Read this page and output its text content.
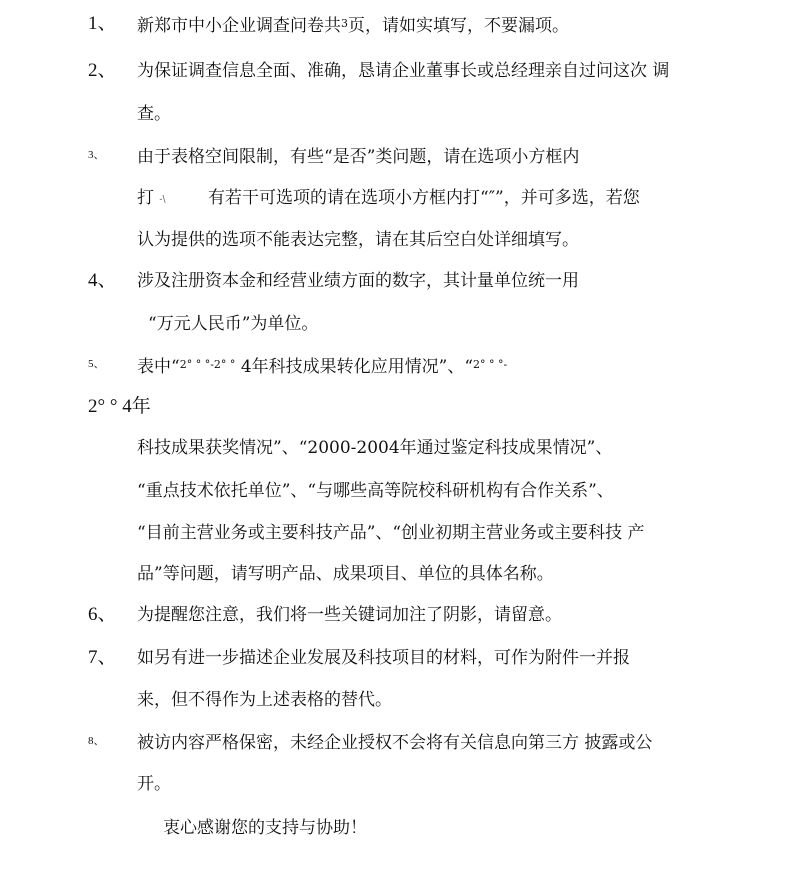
1、 新郑市中小企业调查问卷共$^3$页，请如实填写，不要漏项。
2、 为保证调查信息全面、准确，恳请企业董事长或总经理亲自过问这次 调
查。
3、 由于表格空间限制，有些“是否”类问题，请在选项小方框内
打 -\	有若干可选项的请在选项小方框内打“″”，并可多选，若您
认为提供的选项不能表达完整，请在其后空白处详细填写。
4、 涉及注册资本金和经营业绩方面的数字，其计量单位统一用
“万元人民币”为单位。
5、 表中“$^{2^\circ ^\circ ^\circ-2^\circ ^\circ}$ 4年科技成果转化应用情况”、“$^{2^\circ ^\circ ^\circ-}$
2° ° 4年
科技成果获奖情况”、“2000-2004年通过鉴定科技成果情况”、
“重点技术依托单位”、“与哪些高等院校科研机构有合作关系”、
“目前主营业务或主要科技产品”、“创业初期主营业务或主要科技 产
品”等问题，请写明产品、成果项目、单位的具体名称。
6、 为提醒您注意，我们将一些关键词加注了阴影，请留意。
7、 如另有进一步描述企业发展及科技项目的材料，可作为附件一并报
来，但不得作为上述表格的替代。
8、 被访内容严格保密，未经企业授权不会将有关信息向第三方 披露或公
开。
衷心感谢您的支持与协助！
